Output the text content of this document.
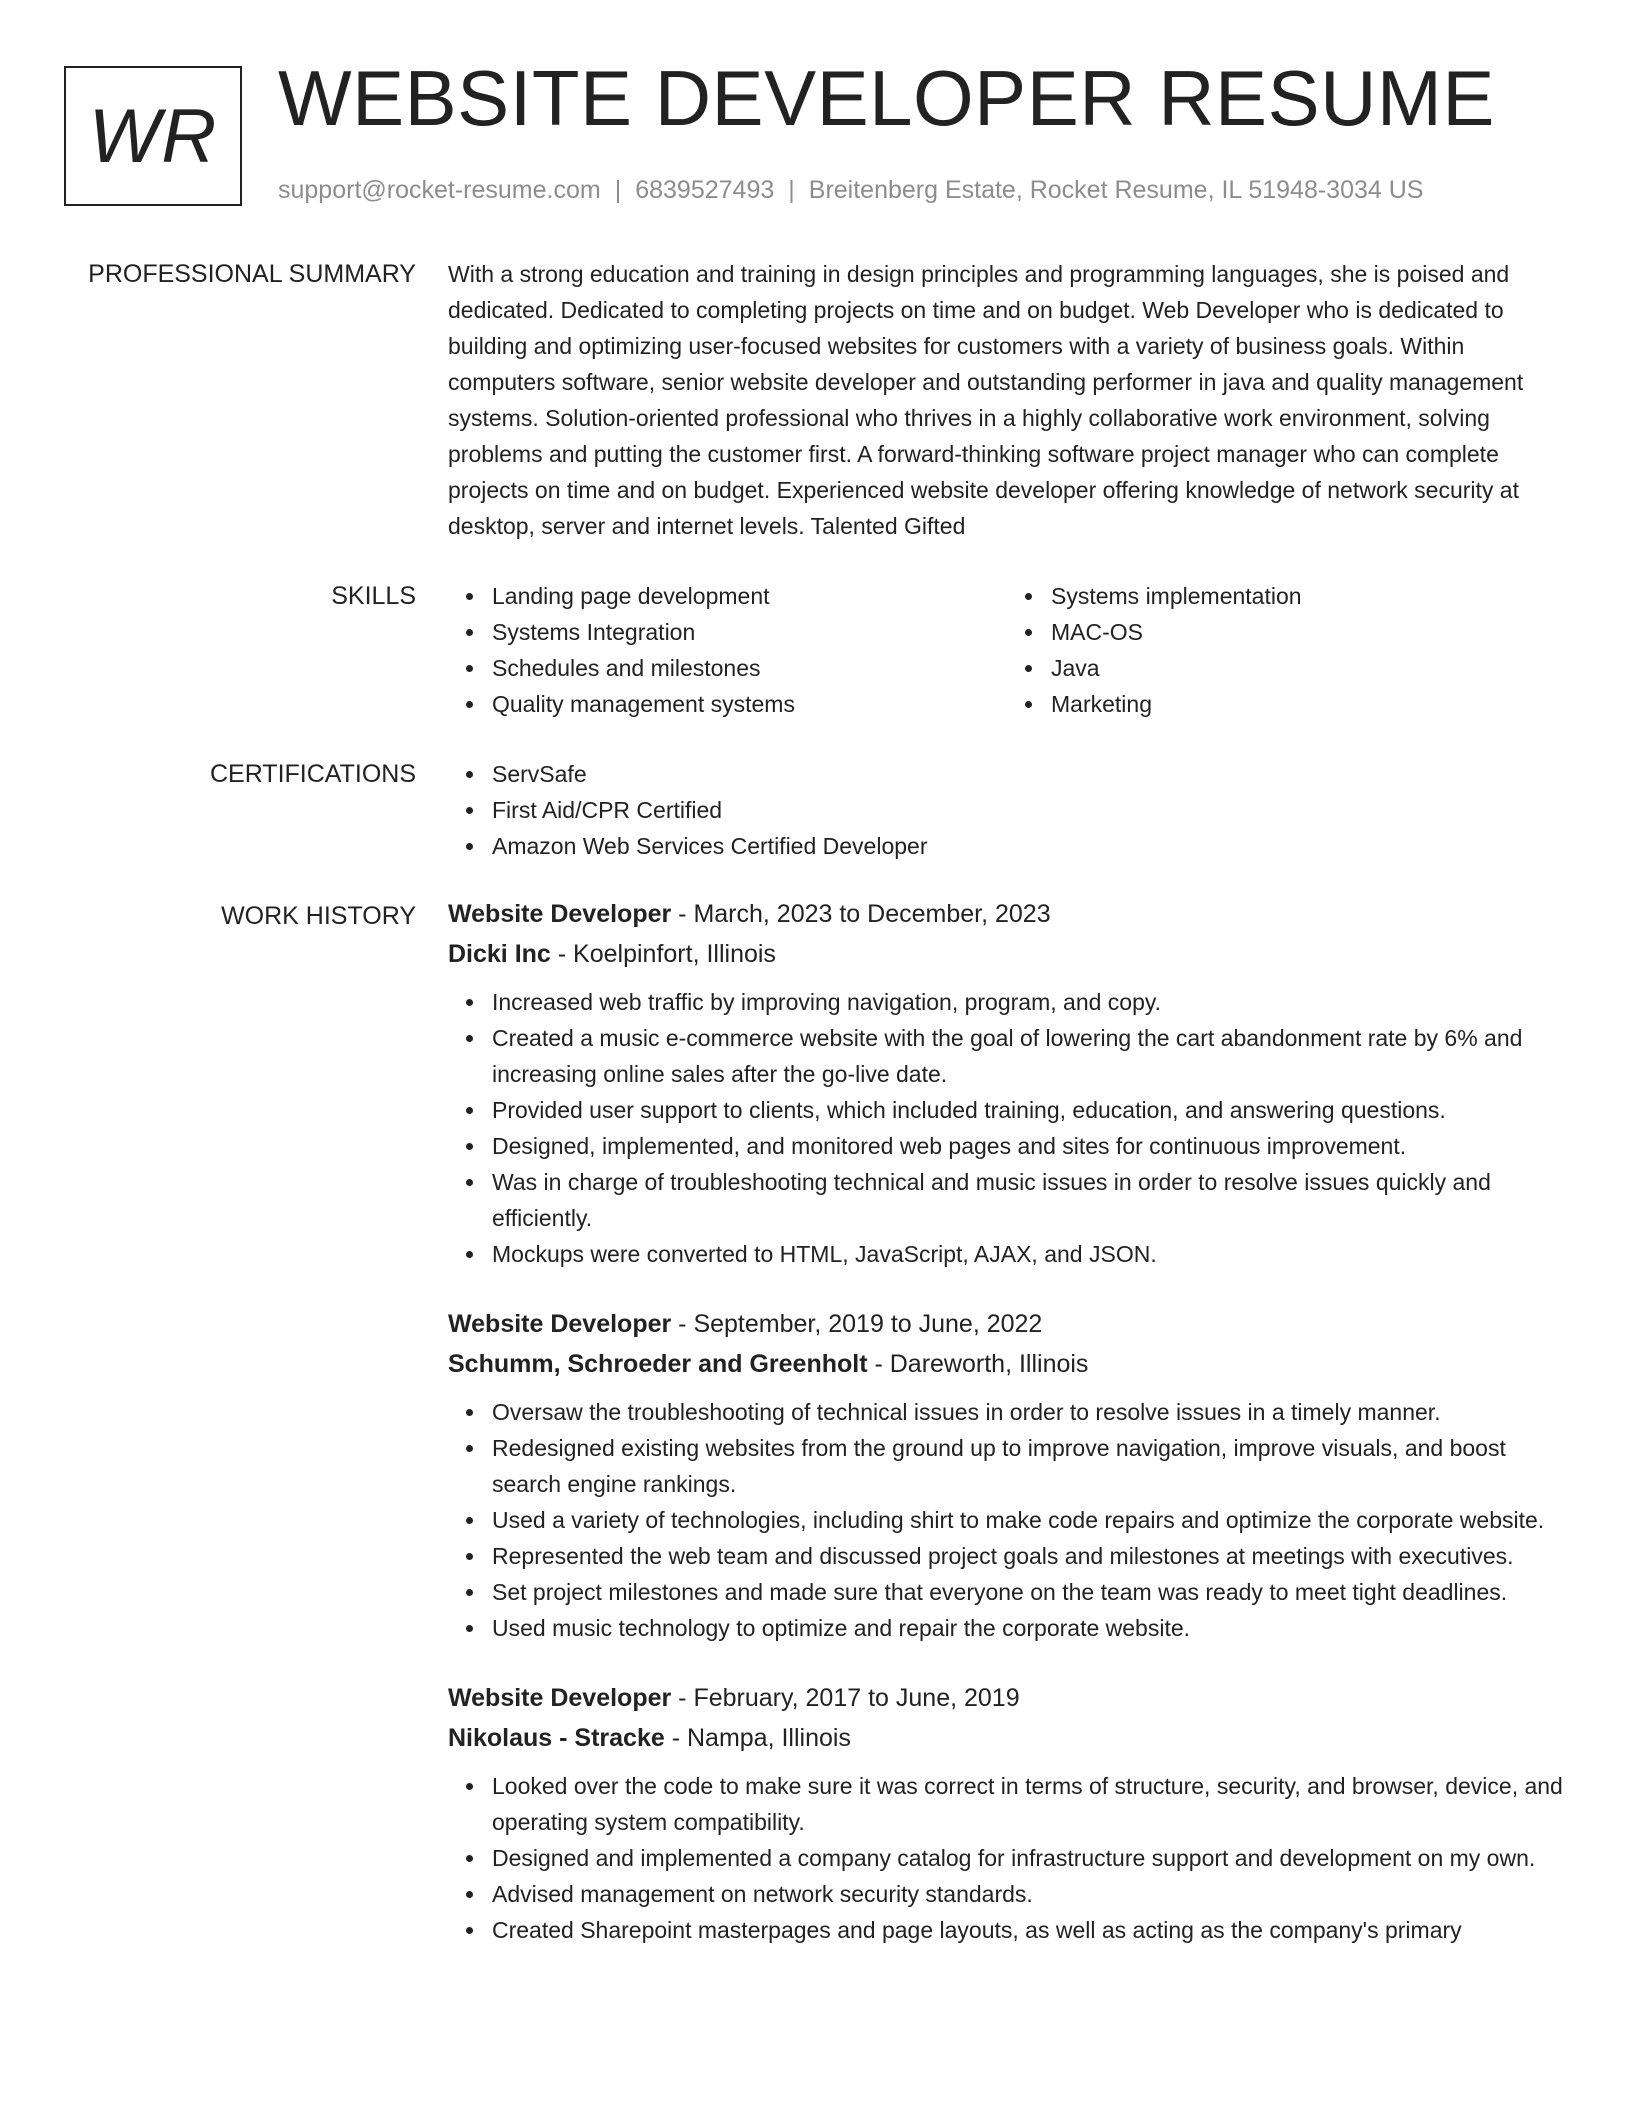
WR WEBSITE DEVELOPER RESUME
support@rocket-resume.com | 6839527493 | Breitenberg Estate, Rocket Resume, IL 51948-3034 US
PROFESSIONAL SUMMARY With a strong education and training in design principles and programming languages, she is poised and dedicated. Dedicated to completing projects on time and on budget. Web Developer who is dedicated to building and optimizing user-focused websites for customers with a variety of business goals. Within computers software, senior website developer and outstanding performer in java and quality management systems. Solution-oriented professional who thrives in a highly collaborative work environment, solving problems and putting the customer first. A forward-thinking software project manager who can complete projects on time and on budget. Experienced website developer offering knowledge of network security at desktop, server and internet levels. Talented Gifted
SKILLS	Landing page development
Systems Integration
Schedules and milestones
Quality management systems
Systems implementation
MAC-OS
Java
Marketing
CERTIFICATIONS	ServSafe
First Aid/CPR Certified
Amazon Web Services Certified Developer
WORK HISTORY Website Developer - March, 2023 to December, 2023
Dicki Inc - Koelpinfort, Illinois
Increased web traffic by improving navigation, program, and copy.
Created a music e-commerce website with the goal of lowering the cart abandonment rate by 6% and increasing online sales after the go-live date.
Provided user support to clients, which included training, education, and answering questions.
Designed, implemented, and monitored web pages and sites for continuous improvement.
Was in charge of troubleshooting technical and music issues in order to resolve issues quickly and efficiently.
Mockups were converted to HTML, JavaScript, AJAX, and JSON.
Website Developer - September, 2019 to June, 2022
Schumm, Schroeder and Greenholt - Dareworth, Illinois
Oversaw the troubleshooting of technical issues in order to resolve issues in a timely manner.
Redesigned existing websites from the ground up to improve navigation, improve visuals, and boost search engine rankings.
Used a variety of technologies, including shirt to make code repairs and optimize the corporate website.
Represented the web team and discussed project goals and milestones at meetings with executives.
Set project milestones and made sure that everyone on the team was ready to meet tight deadlines.
Used music technology to optimize and repair the corporate website.
Website Developer - February, 2017 to June, 2019
Nikolaus - Stracke - Nampa, Illinois
Looked over the code to make sure it was correct in terms of structure, security, and browser, device, and operating system compatibility.
Designed and implemented a company catalog for infrastructure support and development on my own.
Advised management on network security standards.
Created Sharepoint masterpages and page layouts, as well as acting as the company's primary
